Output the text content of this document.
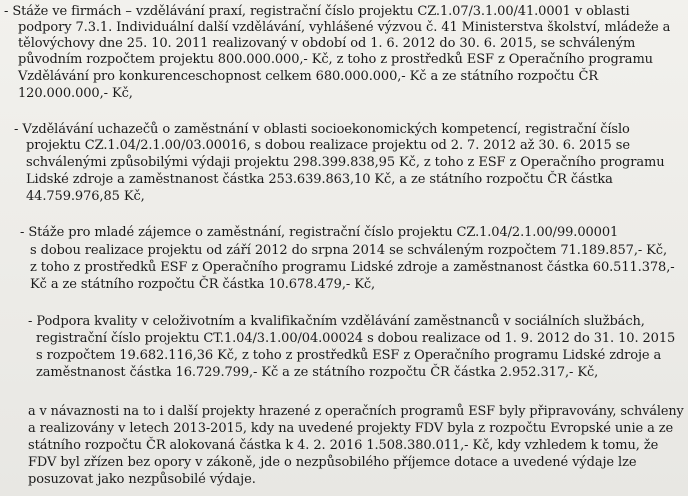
- Stáže ve firmách – vzdělávání praxí, registrační číslo projektu CZ.1.07/3.1.00/41.0001 v oblasti
podpory 7.3.1. Individuální další vzdělávání, vyhlášené výzvou č. 41 Ministerstva školství, mládeže a
tělovýchovy dne 25. 10. 2011 realizovaný v období od 1. 6. 2012 do 30. 6. 2015, se schváleným
původním rozpočtem projektu 800.000.000,- Kč, z toho z prostředků ESF z Operačního programu
Vzdělávání pro konkurenceschopnost celkem 680.000.000,- Kč a ze státního rozpočtu ČR
120.000.000,- Kč,
- Vzdělávání uchazečů o zaměstnání v oblasti socioekonomických kompetencí, registrační číslo
projektu CZ.1.04/2.1.00/03.00016, s dobou realizace projektu od 2. 7. 2012 až 30. 6. 2015 se
schválenými způsobilými výdaji projektu 298.399.838,95 Kč, z toho z ESF z Operačního programu
Lidské zdroje a zaměstnanost částka 253.639.863,10 Kč, a ze státního rozpočtu ČR částka
44.759.976,85 Kč,
- Stáže pro mladé zájemce o zaměstnání, registrační číslo projektu CZ.1.04/2.1.00/99.00001
s dobou realizace projektu od září 2012 do srpna 2014 se schváleným rozpočtem 71.189.857,- Kč,
z toho z prostředků ESF z Operačního programu Lidské zdroje a zaměstnanost částka 60.511.378,-
Kč a ze státního rozpočtu ČR částka 10.678.479,- Kč,
- Podpora kvality v celoživotním a kvalifikačním vzdělávání zaměstnanců v sociálních službách,
registrační číslo projektu CT.1.04/3.1.00/04.00024 s dobou realizace od 1. 9. 2012 do 31. 10. 2015
s rozpočtem 19.682.116,36 Kč, z toho z prostředků ESF z Operačního programu Lidské zdroje a
zaměstnanost částka 16.729.799,- Kč a ze státního rozpočtu ČR částka 2.952.317,- Kč,
a v návaznosti na to i další projekty hrazené z operačních programů ESF byly připravovány, schváleny
a realizovány v letech 2013-2015, kdy na uvedené projekty FDV byla z rozpočtu Evropské unie a ze
státního rozpočtu ČR alokovaná částka k 4. 2. 2016 1.508.380.011,- Kč, kdy vzhledem k tomu, že
FDV byl zřízen bez opory v zákoně, jde o nezpůsobilého příjemce dotace a uvedené výdaje lze
posuzovat jako nezpůsobilé výdaje.
